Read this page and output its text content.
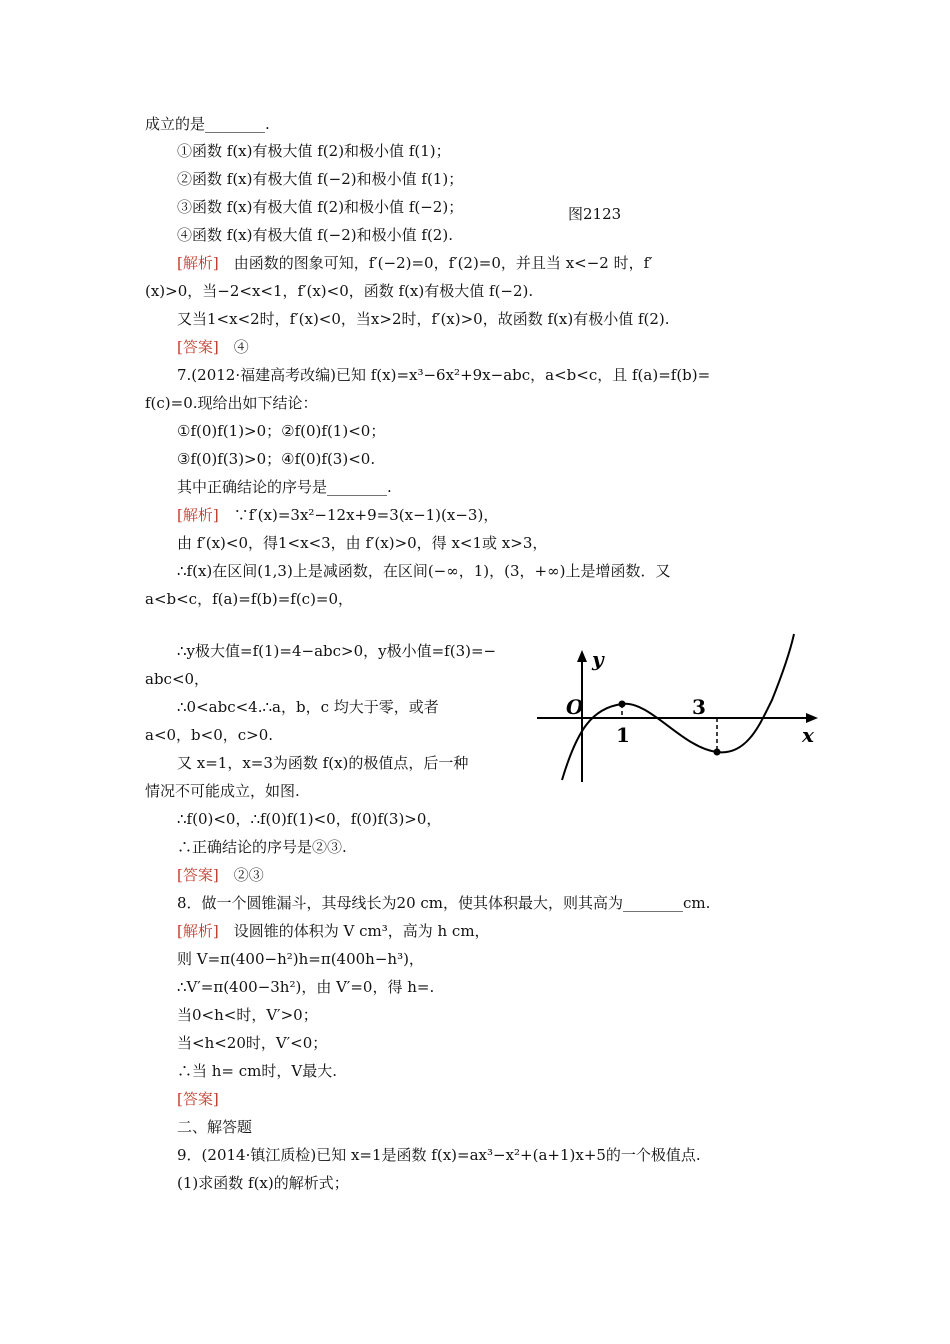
成立的是________.
①函数 f(x)有极大值 f(2)和极小值 f(1)；
②函数 f(x)有极大值 f(−2)和极小值 f(1)；
③函数 f(x)有极大值 f(2)和极小值 f(−2)；
④函数 f(x)有极大值 f(−2)和极小值 f(2).
[解析]　由函数的图象可知，f′(−2)=0，f′(2)=0，并且当 x<−2 时，f′
(x)>0，当−2<x<1，f′(x)<0，函数 f(x)有极大值 f(−2).
又当1<x<2时，f′(x)<0，当x>2时，f′(x)>0，故函数 f(x)有极小值 f(2).
[答案]　④
7.(2012·福建高考改编)已知 f(x)=x³−6x²+9x−abc，a<b<c，且 f(a)=f(b)=
f(c)=0.现给出如下结论：
①f(0)f(1)>0；②f(0)f(1)<0；
③f(0)f(3)>0；④f(0)f(3)<0.
其中正确结论的序号是________.
[解析]　∵f′(x)=3x²−12x+9=3(x−1)(x−3)，
由 f′(x)<0，得1<x<3，由 f′(x)>0，得 x<1或 x>3，
∴f(x)在区间(1,3)上是减函数，在区间(−∞，1)，(3，+∞)上是增函数．又
a<b<c，f(a)=f(b)=f(c)=0，
∴y极大值=f(1)=4−abc>0，y极小值=f(3)=−
abc<0，
∴0<abc<4.∴a，b，c 均大于零，或者
a<0，b<0，c>0.
又 x=1，x=3为函数 f(x)的极值点，后一种
情况不可能成立，如图.
∴f(0)<0，∴f(0)f(1)<0，f(0)f(3)>0，
∴正确结论的序号是②③.
[答案]　②③
8．做一个圆锥漏斗，其母线长为20 cm，使其体积最大，则其高为________cm.
[解析]　设圆锥的体积为 V cm³，高为 h cm，
则 V=π(400−h²)h=π(400h−h³)，
∴V′=π(400−3h²)，由 V′=0，得 h=.
当0<h<时，V′>0；
当<h<20时，V′<0；
∴当 h= cm时，V最大.
[答案]
二、解答题
9．(2014·镇江质检)已知 x=1是函数 f(x)=ax³−x²+(a+1)x+5的一个极值点.
(1)求函数 f(x)的解析式；
图2123
O
y
x
1
3
